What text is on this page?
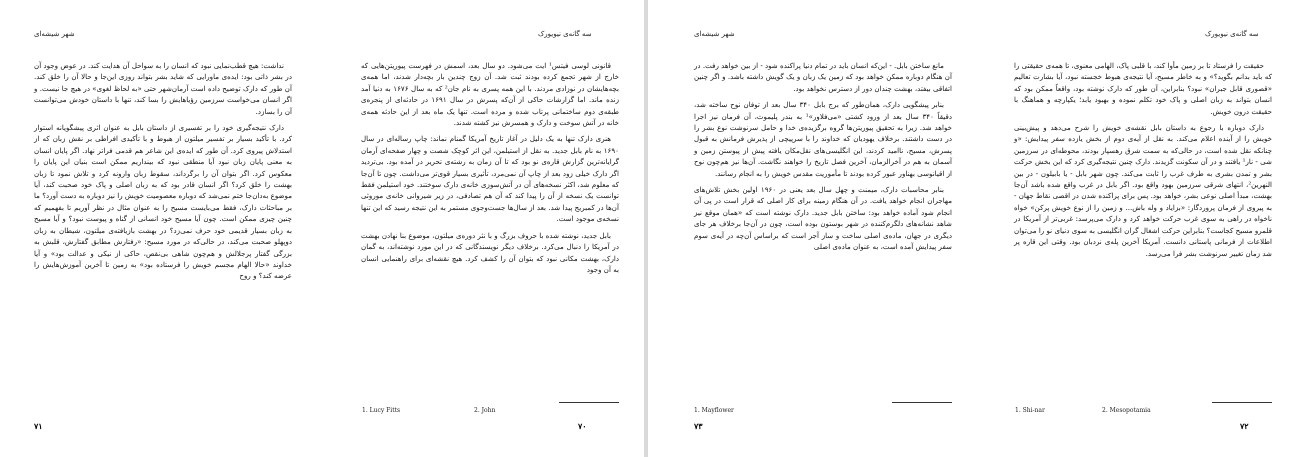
شهر شیشه‌ای

نداشت: هیچ قطب‌نمایی نبود که انسان را به سواحل آن هدایت کند. در عوض وجود آن در بشر ذاتی بود: ایده‌ی ماورایی که شاید بشر بتواند روزی این‌جا و حالا آن را خلق کند. آن طور که دارک توضیح داده است آرمان‌شهر حتی «به لحاظ لغوی» در هیچ جا نیست. و اگر انسان می‌خواست سرزمین رؤیاهایش را بسا کند، تنها با داستان خودش می‌توانست آن را بسازد.

دارک نتیجه‌گیری خود را بر تفسیری از داستان بابل به عنوان اثری پیشگویانه استوار کرد. با تأکید بسیار بر تفسیر میلتون از هبوط و با تأکیدی افراطی بر نقش زبان که از استدلاش پیروی کرد. آن طور که ایده‌ی این شاعر هم قدمی فراتر نهاد. اگر پایان انسان به معنی پایان زبان نبود آیا منطقی نبود که بینداریم ممکن است بنیان این پایان را معکوس کرد. اگر بتوان آن را برگرداند، سقوط زبان وارونه کرد و تلاش نمود تا زبان بهشت را خلق کرد؟ اگر انسان قادر بود که به زبان اصلی و پاک خود صحبت کند، آیا موضوع به‌دان‌جا ختم نمی‌شد که دوباره معصومیت خویش را نیز دوباره به دست آورد؟ ما بر مباحثات دارک، فقط می‌بایست مسیح را به عنوان مثال در نظر آوریم تا بفهمیم که چنین چیزی ممکن است. چون آیا مسیح خود انسانی از گناه و پیوست نبود؟ و آیا مسیح به زبان بسیار قدیمی خود حرف نمی‌زد؟ در بهشت بازیافته‌ی میلتون، شیطان به زبان دوپهلو صحبت می‌کند، در حالی‌که در مورد مسیح: «رفتارش مطابق گفتارش، قلبش به بزرگی گفتار پرجلالش و هم‌چون شاهی بی‌نقص، حاکی از نیکی و عدالت بود» و آیا خداوند «حالا الهام مجسم خویش را فرستاده بود» به زمین تا آخرین آموزش‌هایش را عرضه کند؟ و روح

۷۱
سه گانه‌ی نیویورک

قانونی لوسی فیتس¹ ایت می‌شود. دو سال بعد، اسمش در فهرست پیوریتن‌هایی که خارج از شهر تجمع کرده بودند ثبت شد. آن زوج چندین بار بچه‌دار شدند، اما همه‌ی بچه‌هایشان در نوزادی مردند. با این همه پسری به نام جان² که به سال ۱۶۷۶ به دنیا آمد زنده ماند. اما گزارشات حاکی از آن‌که پسرش در سال ۱۶۹۱ در حادثه‌ای از پنجره‌ی طبقه‌ی دوم ساختمانی پرتاب شده و مرده است. تنها یک ماه بعد از این حادثه همه‌ی خانه در آتش سوخت و دارک و همسرش نیز کشته شدند.

هنری دارک تنها به یک دلیل در آغاز تاریخ آمریکا گمنام نماند: چاپ رساله‌ای در سال ۱۶۹۰ به نام بابل جدید. به نقل از استیلمن، این اثر کوچک شصت و چهار صفحه‌ای آرمان گرایانه‌ترین گزارش قاره‌ی نو بود که تا آن زمان به رشته‌ی تحریر در آمده بود. بی‌تردید اگر دارک خیلی زود بعد از چاپ آن نمی‌مرد، تأثیری بسیار قوی‌تر می‌داشت. چون تا آن‌جا که معلوم شد، اکثر نسخه‌های آن در آتش‌سوزی خانه‌ی دارک سوختند. خود استیلمن فقط توانست یک نسخه از آن را پیدا کند که آن هم تصادفی، در زیر شیروانی خانه‌ی موروثی آن‌ها در کمبریج پیدا شد. بعد از سال‌ها جست‌وجوی مستمر به این نتیجه رسید که این تنها نسخه‌ی موجود است.

بابل جدید، نوشته شده با حروف بزرگ و با نثر دوره‌ی میلتون، موضوع بنا نهادن بهشت در آمریکا را دنبال می‌کرد. برخلاف دیگر نویسندگانی که در این مورد نوشته‌اند، به گمان دارک، بهشت مکانی نبود که بتوان آن را کشف کرد. هیچ نقشه‌ای برای راهنمایی انسان به آن وجود

1. Lucy Fitts	2. John
۷۰
شهر شیشه‌ای

مانع ساختن بابل. - این‌که انسان باید در تمام دنیا پراکنده شود - از بین خواهد رفت. در آن هنگام دوباره ممکن خواهد بود که زمین یک زبان و یک گویش داشته باشد. و اگر چنین اتفاقی بیفتد، بهشت چندان دور از دسترس نخواهد بود.

بنابر پیشگویی دارک، همان‌طور که برج بابل ۳۴۰ سال بعد از توفان نوح ساخته شد، دقیقاً ۳۴۰ سال بعد از ورود کشتی «می‌فلاور»¹ به بندر پلیموث، آن فرمان نیز اجرا خواهد شد. زیرا به تحقیق پیوریتن‌ها گروه برگزیده‌ی خدا و حامل سرنوشت نوع بشر را در دست داشتند. برخلاف یهودیان که خداوند را با سرپیچی از پذیرش فرمانش به قبول پسرش، مسیح، ناامید کردند، این انگلیسی‌های نقل‌مکان یافته پیش از پیوستن زمین و آسمان به هم در آخرالزمان، آخرین فصل تاریخ را خواهند نگاشت. آن‌ها نیز هم‌چون نوح از اقیانوسی بهناور عبور کرده بودند تا مأموریت مقدس خویش را به انجام رسانند.

بنابر محاسبات دارک، میمنت و چهل سال بعد یعنی در ۱۹۶۰ اولین بخش تلاش‌های مهاجران انجام خواهد یافت. در آن هنگام زمینه برای کار اصلی که قرار است در پی آن انجام شود آماده خواهد بود: ساختن بابل جدید. دارک نوشته است که «همان موقع نیز شاهد نشانه‌های دلگرم‌کننده در شهر بوستون بوده است، چون در آن‌جا برخلاف هر جای دیگری در جهان، ماده‌ی اصلی ساخت و ساز آجر است که براساس آن‌چه در آیه‌ی سوم سفر پیدایش آمده است، به عنوان ماده‌ی اصلی

1. Mayflower
۷۳
سه گانه‌ی نیویورک

حقیقت را فرستاد تا بر زمین مأوا کند، با قلبی پاک، الهامی معنوی، تا همه‌ی حقیقتی را که باید بدانم بگوید؟» و به خاطر مسیح، آیا نتیجه‌ی هبوط خجسته نبود، آیا بشارت تعالیم «قصوری قابل جبران» نبود؟ بنابراین، آن طور که دارک نوشته بود، واقعاً ممکن بود که انسان بتواند به زبان اصلی و پاک خود تکلم نموده و بهبود یابد؛ یکپارچه و هماهنگ با حقیقت درون خویش.

دارک دوباره با رجوع به داستان بابل نقشه‌ی خویش را شرح می‌دهد و پیش‌بینی خویش را از آینده اعلام می‌کند. به نقل از آیه‌ی دوم از بخش یازده سفر پیدایش: «و چنانکه نقل شده است، در حالی‌که به سمت شرق رهسپار بودند، محوطه‌ای در سرزمین شی - نار¹ یافتند و در آن سکونت گزیدند. دارک چنین نتیجه‌گیری کرد که این بخش حرکت بشر و تمدن بشری به طرف غرب را ثابت می‌کند. چون شهر بابل - یا بابیلون - در بین النهرین²، انتهای شرقی سرزمین بهود واقع بود. اگر بابل در غرب واقع شده باشد آن‌جا بهشت، مبدأ اصلی نوعی بشر، خواهد بود. پس برای پراکنده شدن در اقصی نقاط جهان - به پیروی از فرمان پروردگار: «بزایاد و وله باش... و زمین را از نوع خویش پرکن» خواه ناخواه در راهی به سوی غرب حرکت خواهد کرد و دارک می‌پرسد: غربی‌تر از آمریکا در قلمرو مسیح کجاست؟ بنابراین حرکت اشغال گران انگلیسی به سوی دنیای نو را می‌توان اطلاعات از فرمانی پاستانی دانست. آمریکا آخرین پله‌ی نردبان بود. وقتی این قاره پر شد زمان تغییر سرنوشت بشر فرا می‌رسد.

1. Shi-nar	2. Mesopotamia
۷۲
